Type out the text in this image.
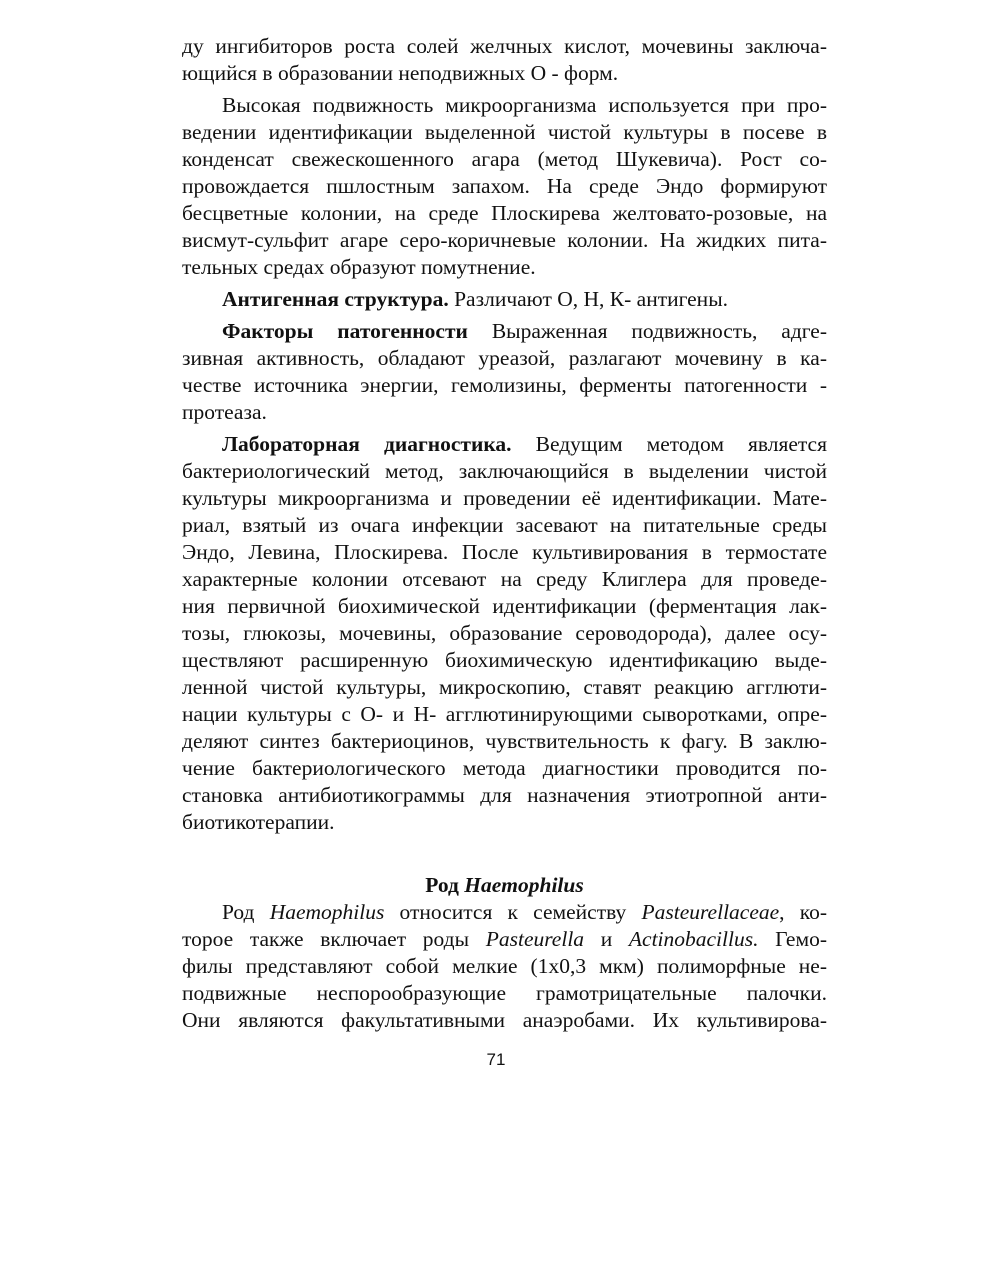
ду ингибиторов роста солей желчных кислот, мочевины заключа-
ющийся в образовании неподвижных О - форм.
Высокая подвижность микроорганизма используется при про-
ведении идентификации выделенной чистой культуры в посеве в
конденсат свежескошенного агара (метод Шукевича). Рост со-
провождается пшлостным запахом. На среде Эндо формируют
бесцветные колонии, на среде Плоскирева желтовато-розовые, на
висмут-сульфит агаре серо-коричневые колонии. На жидких пита-
тельных средах образуют помутнение.
Антигенная структура. Различают О, Н, К- антигены.
Факторы патогенности Выраженная подвижность, адге-
зивная активность, обладают уреазой, разлагают мочевину в ка-
честве источника энергии, гемолизины, ферменты патогенности -
протеаза.
Лабораторная диагностика. Ведущим методом является
бактериологический метод, заключающийся в выделении чистой
культуры микроорганизма и проведении её идентификации. Мате-
риал, взятый из очага инфекции засевают на питательные среды
Эндо, Левина, Плоскирева. После культивирования в термостате
характерные колонии отсевают на среду Клиглера для проведе-
ния первичной биохимической идентификации (ферментация лак-
тозы, глюкозы, мочевины, образование сероводорода), далее осу-
ществляют расширенную биохимическую идентификацию выде-
ленной чистой культуры, микроскопию, ставят реакцию агглюти-
нации культуры с О- и Н- агглютинирующими сыворотками, опре-
деляют синтез бактериоцинов, чувствительность к фагу. В заклю-
чение бактериологического метода диагностики проводится по-
становка антибиотикограммы для назначения этиотропной анти-
биотикотерапии.
Род Haemophilus
Род Haemophilus относится к семейству Pasteurellaceae, ко-
торое также включает роды Pasteurella и Actinobacillus. Гемо-
филы представляют собой мелкие (1х0,3 мкм) полиморфные не-
подвижные неспорообразующие грамотрицательные палочки.
Они являются факультативными анаэробами. Их культивирова-
71
